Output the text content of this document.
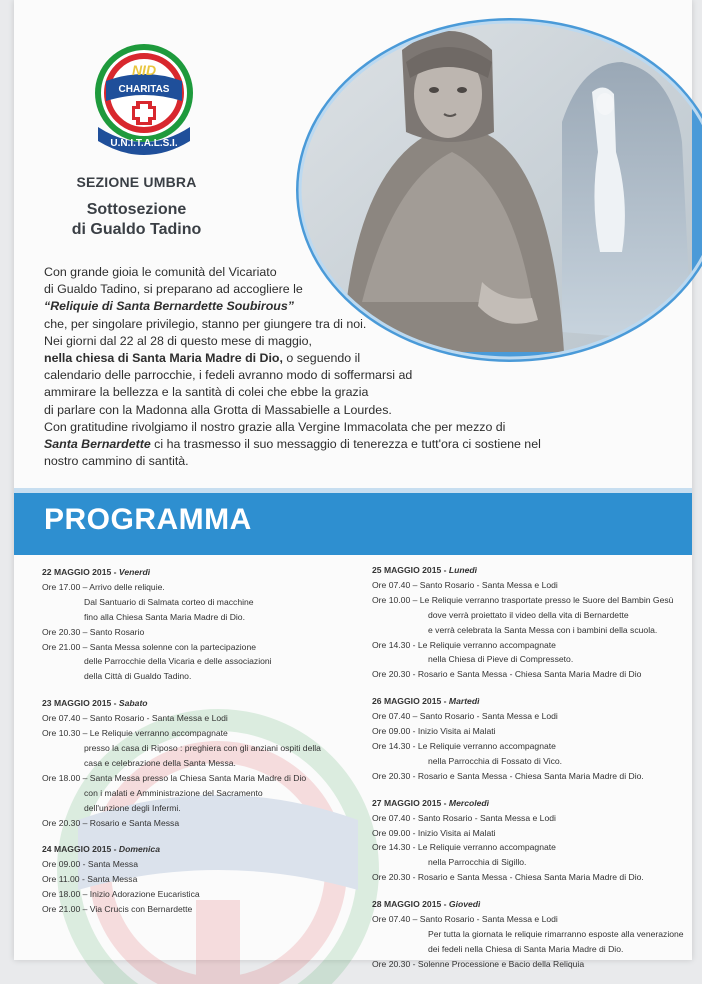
NID
CHARITAS
U.N.I.T.A.L.S.I.
SEZIONE UMBRA
Sottosezione
di Gualdo Tadino

Con grande gioia le comunità del Vicariato

di Gualdo Tadino, si preparano ad accogliere le

“Reliquie di Santa Bernardette Soubirous”

che, per singolare privilegio, stanno per giungere tra di noi.

Nei giorni dal 22 al 28 di questo mese di maggio,

nella chiesa di Santa Maria Madre di Dio, o seguendo il

calendario delle parrocchie, i fedeli avranno modo di soffermarsi ad

ammirare la bellezza e la santità di colei che ebbe la grazia

di parlare con la Madonna alla Grotta di Massabielle a Lourdes.

Con gratitudine rivolgiamo il nostro grazie alla Vergine Immacolata che per mezzo di

Santa Bernardette ci ha trasmesso il suo messaggio di tenerezza e tutt'ora ci sostiene nel

nostro cammino di santità.

PROGRAMMA
22 MAGGIO 2015 - Venerdì
Ore 17.00 – Arrivo delle reliquie.
Dal Santuario di Salmata corteo di macchine
fino alla Chiesa Santa Maria Madre di Dio.
Ore 20.30 – Santo Rosario
Ore 21.00 – Santa Messa solenne con la partecipazione
delle Parrocchie della Vicaria e delle associazioni
della Città di Gualdo Tadino.
23 MAGGIO 2015 - Sabato
Ore 07.40 – Santo Rosario - Santa Messa e Lodi
Ore 10.30 – Le Reliquie verranno accompagnate
presso la casa di Riposo : preghiera con gli anziani ospiti della
casa e celebrazione della Santa Messa.
Ore 18.00 – Santa Messa presso la Chiesa Santa Maria Madre di Dio
con i malati e Amministrazione del Sacramento
dell'unzione degli Infermi.
Ore 20.30 – Rosario e Santa Messa
24 MAGGIO 2015 - Domenica
Ore 09.00 - Santa Messa
Ore 11.00 - Santa Messa
Ore 18.00 – Inizio Adorazione Eucaristica
Ore 21.00 – Via Crucis con Bernardette
25 MAGGIO 2015 - Lunedì
Ore 07.40 – Santo Rosario - Santa Messa e Lodi
Ore 10.00 – Le Reliquie verranno trasportate presso le Suore del Bambin Gesù
dove verrà proiettato il video della vita di Bernardette
e verrà celebrata la Santa Messa con i bambini della scuola.
Ore 14.30 - Le Reliquie verranno accompagnate
nella Chiesa di Pieve di Compresseto.
Ore 20.30 - Rosario e Santa Messa - Chiesa Santa Maria Madre di Dio
26 MAGGIO 2015 - Martedì
Ore 07.40 – Santo Rosario - Santa Messa e Lodi
Ore 09.00 - Inizio Visita ai Malati
Ore 14.30 - Le Reliquie verranno accompagnate
nella Parrocchia di Fossato di Vico.
Ore 20.30 - Rosario e Santa Messa - Chiesa Santa Maria Madre di Dio.
27 MAGGIO 2015 - Mercoledì
Ore 07.40 - Santo Rosario - Santa Messa e Lodi
Ore 09.00 - Inizio Visita ai Malati
Ore 14.30 - Le Reliquie verranno accompagnate
nella Parrocchia di Sigillo.
Ore 20.30 - Rosario e Santa Messa - Chiesa Santa Maria Madre di Dio.
28 MAGGIO 2015 - Giovedì
Ore 07.40 – Santo Rosario - Santa Messa e Lodi
Per tutta la giornata le reliquie rimarranno esposte alla venerazione
dei fedeli nella Chiesa di Santa Maria Madre di Dio.
Ore 20.30 - Solenne Processione e Bacio della Reliquia
